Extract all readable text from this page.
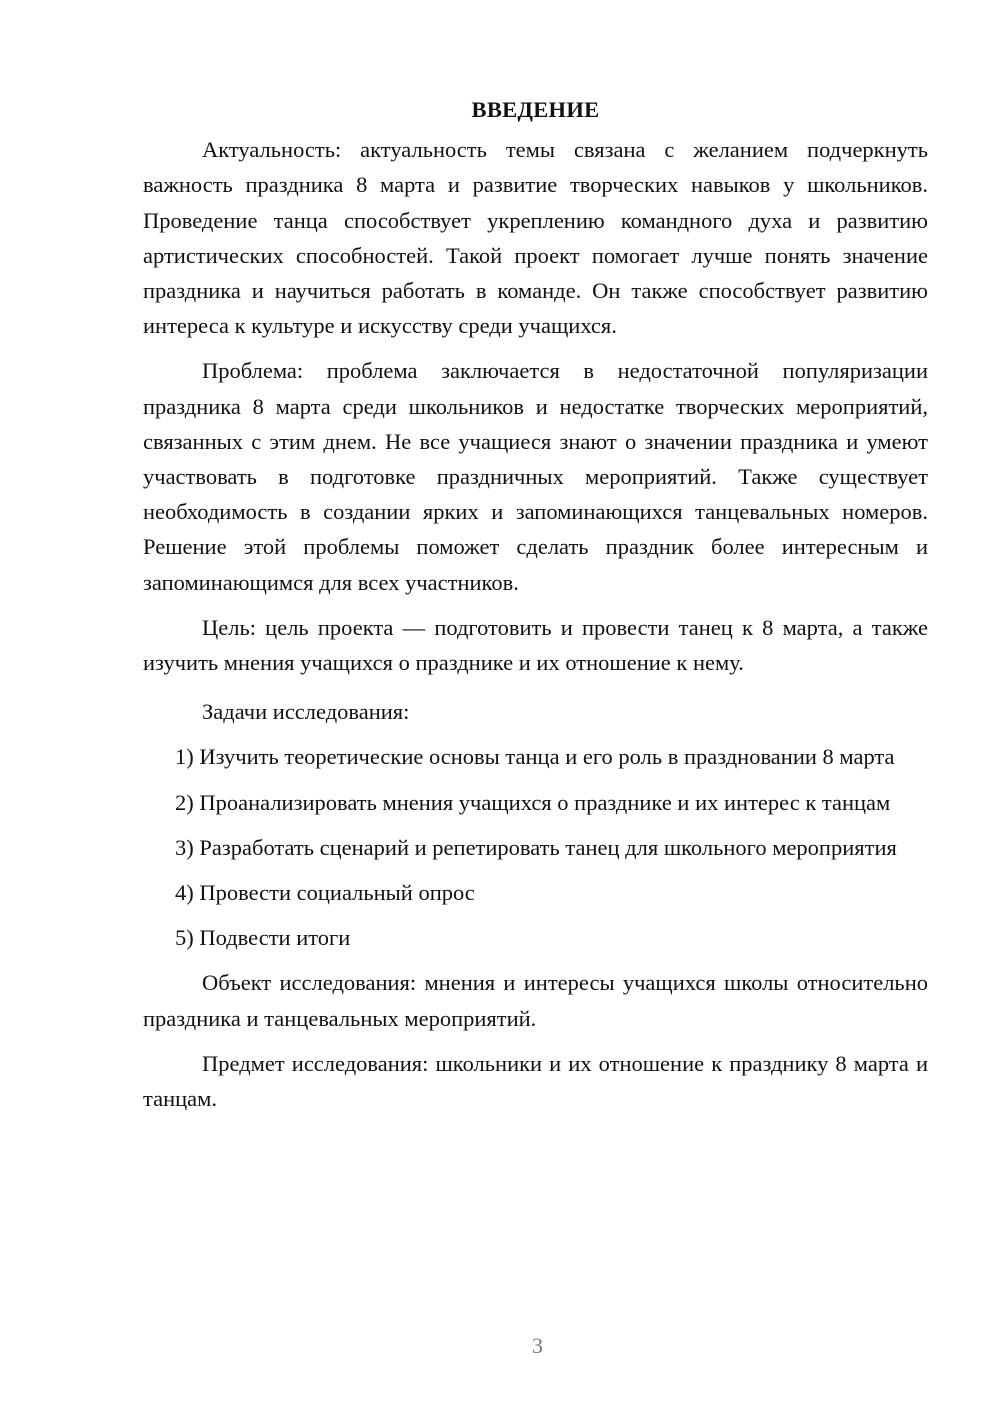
ВВЕДЕНИЕ

Актуальность: актуальность темы связана с желанием подчеркнуть важность праздника 8 марта и развитие творческих навыков у школьников. Проведение танца способствует укреплению командного духа и развитию артистических способностей. Такой проект помогает лучше понять значение праздника и научиться работать в команде. Он также способствует развитию интереса к культуре и искусству среди учащихся.

Проблема: проблема заключается в недостаточной популяризации праздника 8 марта среди школьников и недостатке творческих мероприятий, связанных с этим днем. Не все учащиеся знают о значении праздника и умеют участвовать в подготовке праздничных мероприятий. Также существует необходимость в создании ярких и запоминающихся танцевальных номеров. Решение этой проблемы поможет сделать праздник более интересным и запоминающимся для всех участников.

Цель: цель проекта — подготовить и провести танец к 8 марта, а также изучить мнения учащихся о празднике и их отношение к нему.

Задачи исследования:

1) Изучить теоретические основы танца и его роль в праздновании 8 марта

2) Проанализировать мнения учащихся о празднике и их интерес к танцам

3) Разработать сценарий и репетировать танец для школьного мероприятия

4) Провести социальный опрос

5) Подвести итоги

Объект исследования: мнения и интересы учащихся школы относительно праздника и танцевальных мероприятий.

Предмет исследования: школьники и их отношение к празднику 8 марта и танцам.

3
